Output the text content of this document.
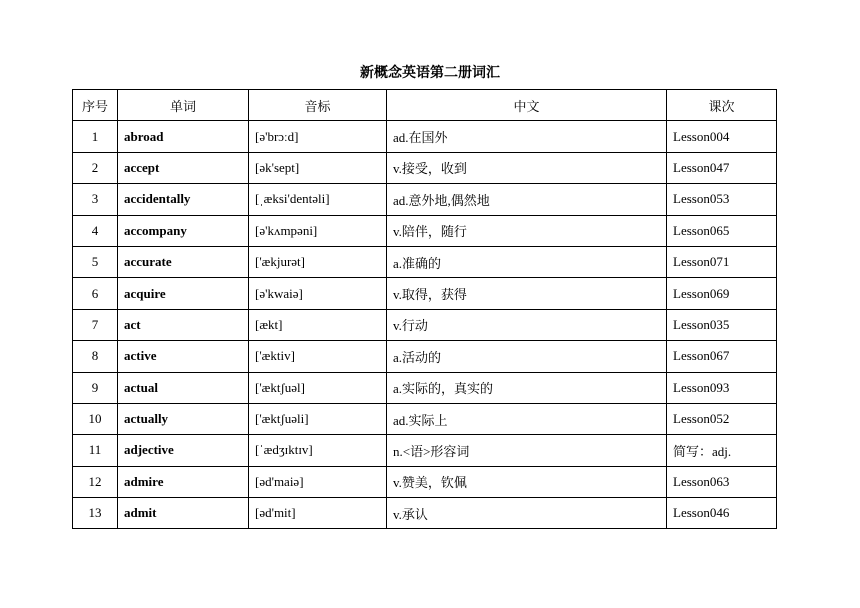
新概念英语第二册词汇
序号	单词	音标	中文	课次
1	abroad	[ə'brɔːd]	ad.在国外	Lesson004
2	accept	[ək'sept]	v.接受，收到	Lesson047
3	accidentally	[ˌæksi'dentəli]	ad.意外地,偶然地	Lesson053
4	accompany	[ə'kʌmpəni]	v.陪伴，随行	Lesson065
5	accurate	['ækjurət]	a.准确的	Lesson071
6	acquire	[ə'kwaiə]	v.取得，获得	Lesson069
7	act	[ækt]	v.行动	Lesson035
8	active	['æktiv]	a.活动的	Lesson067
9	actual	['æktʃuəl]	a.实际的，真实的	Lesson093
10	actually	['æktʃuəli]	ad.实际上	Lesson052
11	adjective	[ˈædʒɪktɪv]	n.<语>形容词	简写：adj.
12	admire	[əd'maiə]	v.赞美，钦佩	Lesson063
13	admit	[əd'mit]	v.承认	Lesson046
